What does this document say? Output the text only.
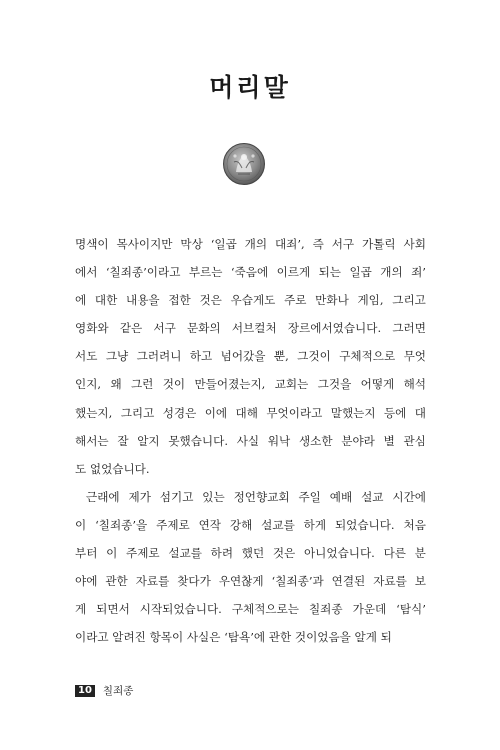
머리말
명색이 목사이지만 막상 ‘일곱 개의 대죄’, 즉 서구 가톨릭 사회
에서 ‘칠죄종’이라고 부르는 ‘죽음에 이르게 되는 일곱 개의 죄’
에 대한 내용을 접한 것은 우습게도 주로 만화나 게임, 그리고
영화와 같은 서구 문화의 서브컬처 장르에서였습니다. 그러면
서도 그냥 그러려니 하고 넘어갔을 뿐, 그것이 구체적으로 무엇
인지, 왜 그런 것이 만들어졌는지, 교회는 그것을 어떻게 해석
했는지, 그리고 성경은 이에 대해 무엇이라고 말했는지 등에 대
해서는 잘 알지 못했습니다. 사실 워낙 생소한 분야라 별 관심
도 없었습니다.
근래에 제가 섬기고 있는 정언향교회 주일 예배 설교 시간에
이 ‘칠죄종’을 주제로 연작 강해 설교를 하게 되었습니다. 처음
부터 이 주제로 설교를 하려 했던 것은 아니었습니다. 다른 분
야에 관한 자료를 찾다가 우연찮게 ‘칠죄종’과 연결된 자료를 보
게 되면서 시작되었습니다. 구체적으로는 칠죄종 가운데 ‘탐식’
이라고 알려진 항목이 사실은 ‘탐욕’에 관한 것이었음을 알게 되
10 칠죄종
